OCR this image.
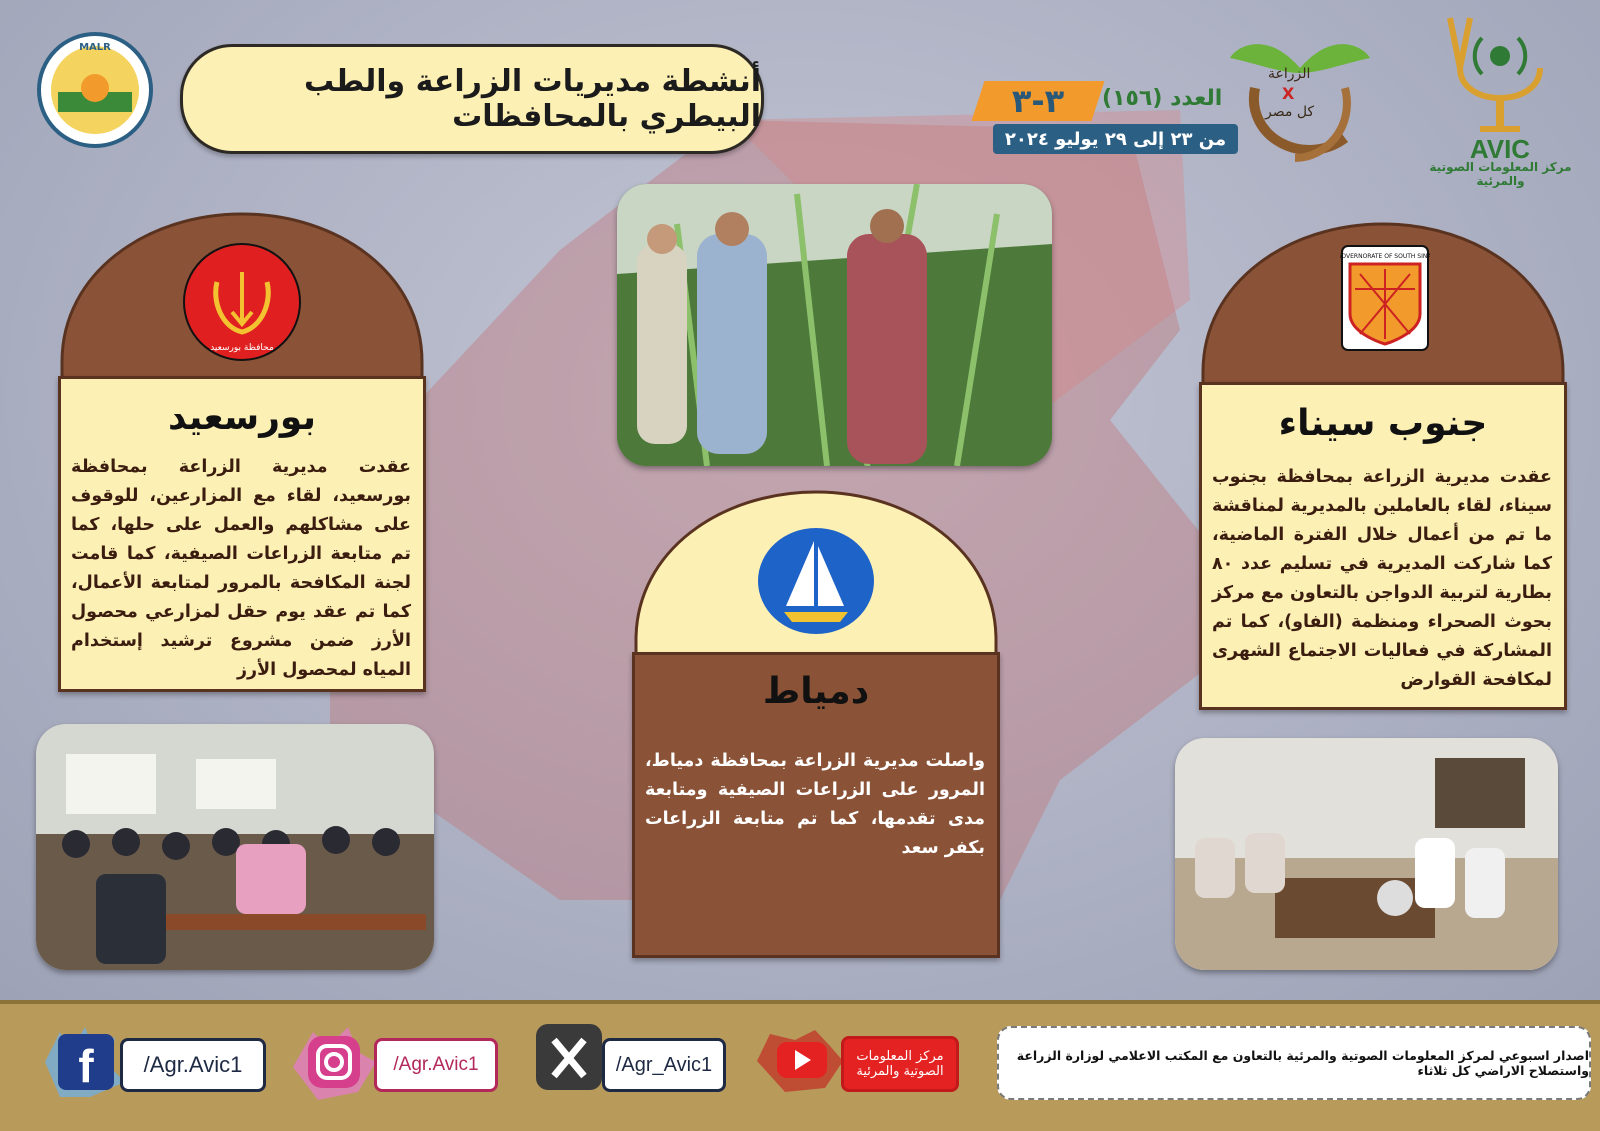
MALR
أنشطة مديريات الزراعة والطب البيطري بالمحافظات	٣-٣	العدد (١٥٦)
من ٢٣ إلى ٢٩ يوليو ٢٠٢٤
الزراعة
X
كل مصر
AVIC
مركز المعلومات الصوتية والمرئية
محافظة بورسعيد
بورسعيد
عقدت مديرية الزراعة بمحافظة بورسعيد، لقاء مع المزارعين، للوقوف على مشاكلهم والعمل على حلها، كما تم متابعة الزراعات الصيفية، كما قامت لجنة المكافحة بالمرور لمتابعة الأعمال، كما تم عقد يوم حقل لمزارعي محصول الأرز ضمن مشروع ترشيد إستخدام المياه لمحصول الأرز
دمياط
واصلت مديرية الزراعة بمحافظة دمياط، المرور على الزراعات الصيفية ومتابعة مدى تقدمها، كما تم متابعة الزراعات بكفر سعد
GOVERNORATE OF SOUTH SINAI
جنوب سيناء
عقدت مديرية الزراعة بمحافظة بجنوب سيناء، لقاء بالعاملين بالمديرية لمناقشة ما تم من أعمال خلال الفترة الماضية، كما شاركت المديرية في تسليم عدد ٨٠ بطارية لتربية الدواجن بالتعاون مع مركز بحوث الصحراء ومنظمة (الفاو)، كما تم المشاركة في فعاليات الاجتماع الشهرى لمكافحة القوارض
f	/Agr.Avic1	/Agr.Avic1	/Agr_Avic1	مركز المعلومات الصوتية والمرئية
اصدار اسبوعي لمركز المعلومات الصوتية والمرئية بالتعاون مع المكتب الاعلامي لوزارة الزراعة واستصلاح الاراضي كل ثلاثاء
